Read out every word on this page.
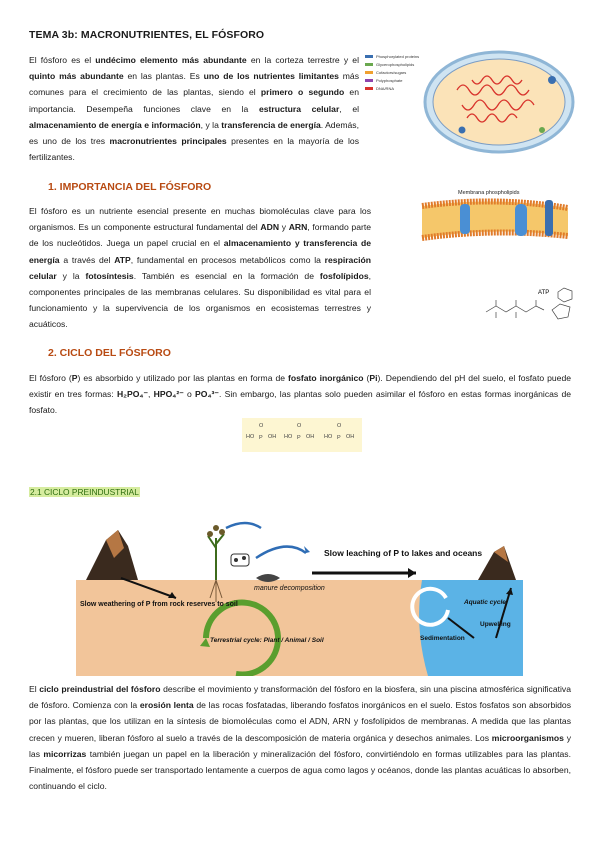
TEMA 3b: MACRONUTRIENTES, EL FÓSFORO

El fósforo es el undécimo elemento más abundante en la corteza terrestre y el quinto más abundante en las plantas. Es uno de los nutrientes limitantes más comunes para el crecimiento de las plantas, siendo el primero o segundo en importancia. Desempeña funciones clave en la estructura celular, el almacenamiento de energía e información, y la transferencia de energía. Además, es uno de los tres macronutrientes principales presentes en la mayoría de los fertilizantes.

Phosphorylated proteins
Glycerophospholipids
Cofactors/sugars
Polyphosphate
DNA/RNA
1. IMPORTANCIA DEL FÓSFORO

El fósforo es un nutriente esencial presente en muchas biomoléculas clave para los organismos. Es un componente estructural fundamental del ADN y ARN, formando parte de los nucleótidos. Juega un papel crucial en el almacenamiento y transferencia de energía a través del ATP, fundamental en procesos metabólicos como la respiración celular y la fotosíntesis. También es esencial en la formación de fosfolípidos, componentes principales de las membranas celulares. Su disponibilidad es vital para el funcionamiento y la supervivencia de los organismos en ecosistemas terrestres y acuáticos.

Membrana phospholipids
ATP
2. CICLO DEL FÓSFORO

El fósforo (P) es absorbido y utilizado por las plantas en forma de fosfato inorgánico (Pi). Dependiendo del pH del suelo, el fosfato puede existir en tres formas: H₂PO₄⁻, HPO₄²⁻ o PO₄³⁻. Sin embargo, las plantas solo pueden asimilar el fósforo en estas formas inorgánicas de fosfato.

HO	OH HO	OH
O
P
O
P
O
P
HO	OH
2.1 CICLO PREINDUSTRIAL
Slow leaching of P to lakes and oceans
Slow weathering of P from rock reserves to soil
manure decomposition
Terrestrial cycle: Plant / Animal / Soil
Aquatic cycle
Upwelling
Sedimentation

El ciclo preindustrial del fósforo describe el movimiento y transformación del fósforo en la biosfera, sin una piscina atmosférica significativa de fósforo. Comienza con la erosión lenta de las rocas fosfatadas, liberando fosfatos inorgánicos en el suelo. Estos fosfatos son absorbidos por las plantas, que los utilizan en la síntesis de biomoléculas como el ADN, ARN y fosfolípidos de membranas. A medida que las plantas crecen y mueren, liberan fósforo al suelo a través de la descomposición de materia orgánica y desechos animales. Los microorganismos y las micorrizas también juegan un papel en la liberación y mineralización del fósforo, convirtiéndolo en formas utilizables para las plantas. Finalmente, el fósforo puede ser transportado lentamente a cuerpos de agua como lagos y océanos, donde las plantas acuáticas lo absorben, continuando el ciclo.
